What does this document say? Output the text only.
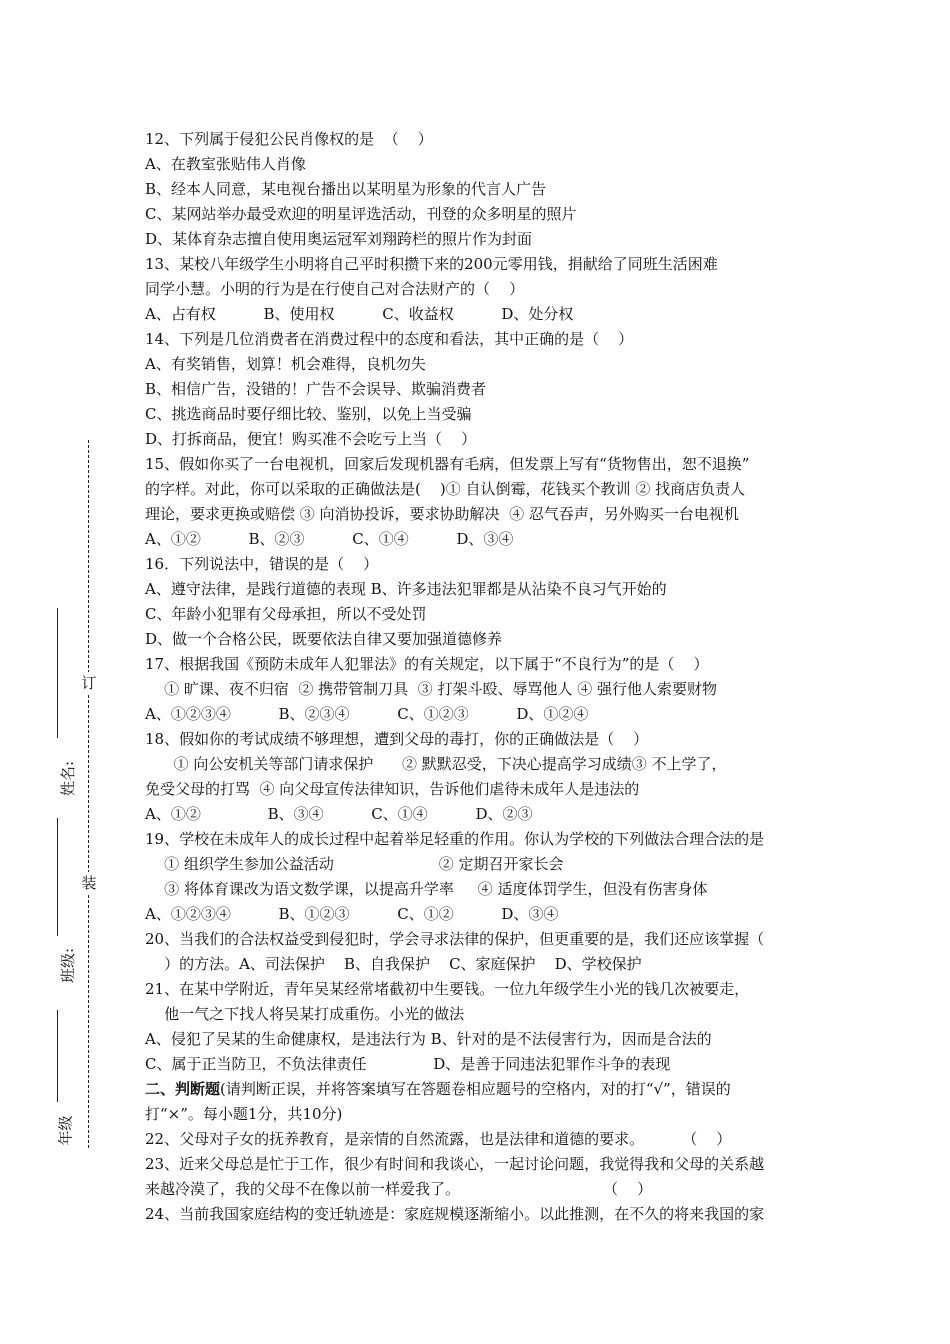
订
装
姓名:
班级:
年级
12、下列属于侵犯公民肖像权的是  （    ）
A、在教室张贴伟人肖像
B、经本人同意，某电视台播出以某明星为形象的代言人广告
C、某网站举办最受欢迎的明星评选活动，刊登的众多明星的照片
D、某体育杂志擅自使用奥运冠军刘翔跨栏的照片作为封面
13、某校八年级学生小明将自己平时积攒下来的200元零用钱，捐献给了同班生活困难
同学小慧。小明的行为是在行使自己对合法财产的（    ）
A、占有权          B、使用权          C、收益权          D、处分权
14、下列是几位消费者在消费过程中的态度和看法，其中正确的是（    ）
A、有奖销售，划算！机会难得，良机勿失
B、相信广告，没错的！广告不会误导、欺骗消费者
C、挑选商品时要仔细比较、鉴别，以免上当受骗
D、打拆商品，便宜！购买准不会吃亏上当（    ）
15、假如你买了一台电视机，回家后发现机器有毛病，但发票上写有“货物售出，恕不退换”
的字样。对此，你可以采取的正确做法是(    )① 自认倒霉，花钱买个教训 ② 找商店负责人
理论，要求更换或赔偿 ③ 向消协投诉，要求协助解决  ④ 忍气吞声，另外购买一台电视机
A、①②          B、②③          C、①④          D、③④
16．下列说法中，错误的是（    ）
A、遵守法律，是践行道德的表现 B、许多违法犯罪都是从沾染不良习气开始的
C、年龄小犯罪有父母承担，所以不受处罚
D、做一个合格公民，既要依法自律又要加强道德修养
17、根据我国《预防未成年人犯罪法》的有关规定，以下属于“不良行为”的是（    ）
① 旷课、夜不归宿  ② 携带管制刀具  ③ 打架斗殴、辱骂他人 ④ 强行他人索要财物
A、①②③④          B、②③④          C、①②③          D、①②④
18、假如你的考试成绩不够理想，遭到父母的毒打，你的正确做法是（    ）
① 向公安机关等部门请求保护      ② 默默忍受，下决心提高学习成绩③ 不上学了，
免受父母的打骂  ④ 向父母宣传法律知识，告诉他们虐待未成年人是违法的
A、①②              B、③④          C、①④          D、②③
19、学校在未成年人的成长过程中起着举足轻重的作用。你认为学校的下列做法合理合法的是
① 组织学生参加公益活动                      ② 定期召开家长会
③ 将体育课改为语文数学课，以提高升学率     ④ 适度体罚学生，但没有伤害身体
A、①②③④          B、①②③          C、①②          D、③④
20、当我们的合法权益受到侵犯时，学会寻求法律的保护，但更重要的是，我们还应该掌握（
）的方法。A、司法保护    B、自我保护    C、家庭保护    D、学校保护
21、在某中学附近，青年吴某经常堵截初中生要钱。一位九年级学生小光的钱几次被要走，
他一气之下找人将吴某打成重伤。小光的做法
A、侵犯了吴某的生命健康权，是违法行为 B、针对的是不法侵害行为，因而是合法的
C、属于正当防卫，不负法律责任              D、是善于同违法犯罪作斗争的表现
二、判断题(请判断正误，并将答案填写在答题卷相应题号的空格内，对的打“√”，错误的
打“×”。每小题1分，共10分)
22、父母对子女的抚养教育，是亲情的自然流露，也是法律和道德的要求。        （    ）
23、近来父母总是忙于工作，很少有时间和我谈心，一起讨论问题，我觉得我和父母的关系越
来越冷漠了，我的父母不在像以前一样爱我了。                              （    ）
24、当前我国家庭结构的变迁轨迹是：家庭规模逐渐缩小。以此推测，在不久的将来我国的家
